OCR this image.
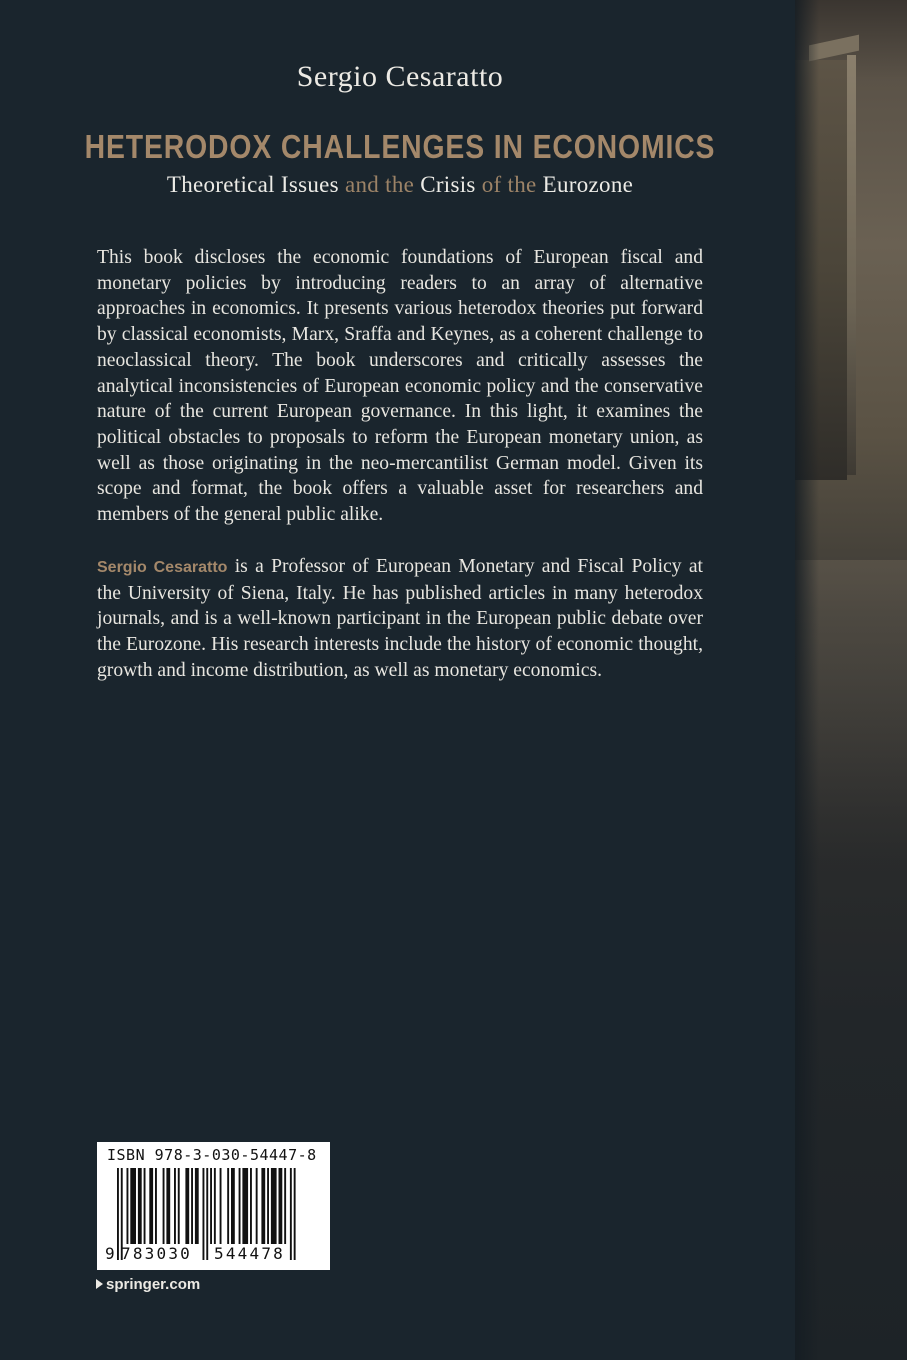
Sergio Cesaratto
HETERODOX CHALLENGES IN ECONOMICS
Theoretical Issues and the Crisis of the Eurozone

This book discloses the economic foundations of European fiscal and monetary policies by introducing readers to an array of alternative approaches in economics. It presents various heterodox theories put forward by classical economists, Marx, Sraffa and Keynes, as a coherent challenge to neoclassical theory. The book underscores and critically assesses the analytical inconsistencies of European economic policy and the conservative nature of the current European governance. In this light, it examines the political obstacles to proposals to reform the European monetary union, as well as those originating in the neo-mercantilist German model. Given its scope and format, the book offers a valuable asset for researchers and members of the general public alike.

Sergio Cesaratto is a Professor of European Monetary and Fiscal Policy at the University of Siena, Italy. He has published articles in many heterodox journals, and is a well-known participant in the European public debate over the Eurozone. His research interests include the history of economic thought, growth and income distribution, as well as monetary economics.

ISBN 978-3-030-54447-8
9 783030 544478
springer.com
